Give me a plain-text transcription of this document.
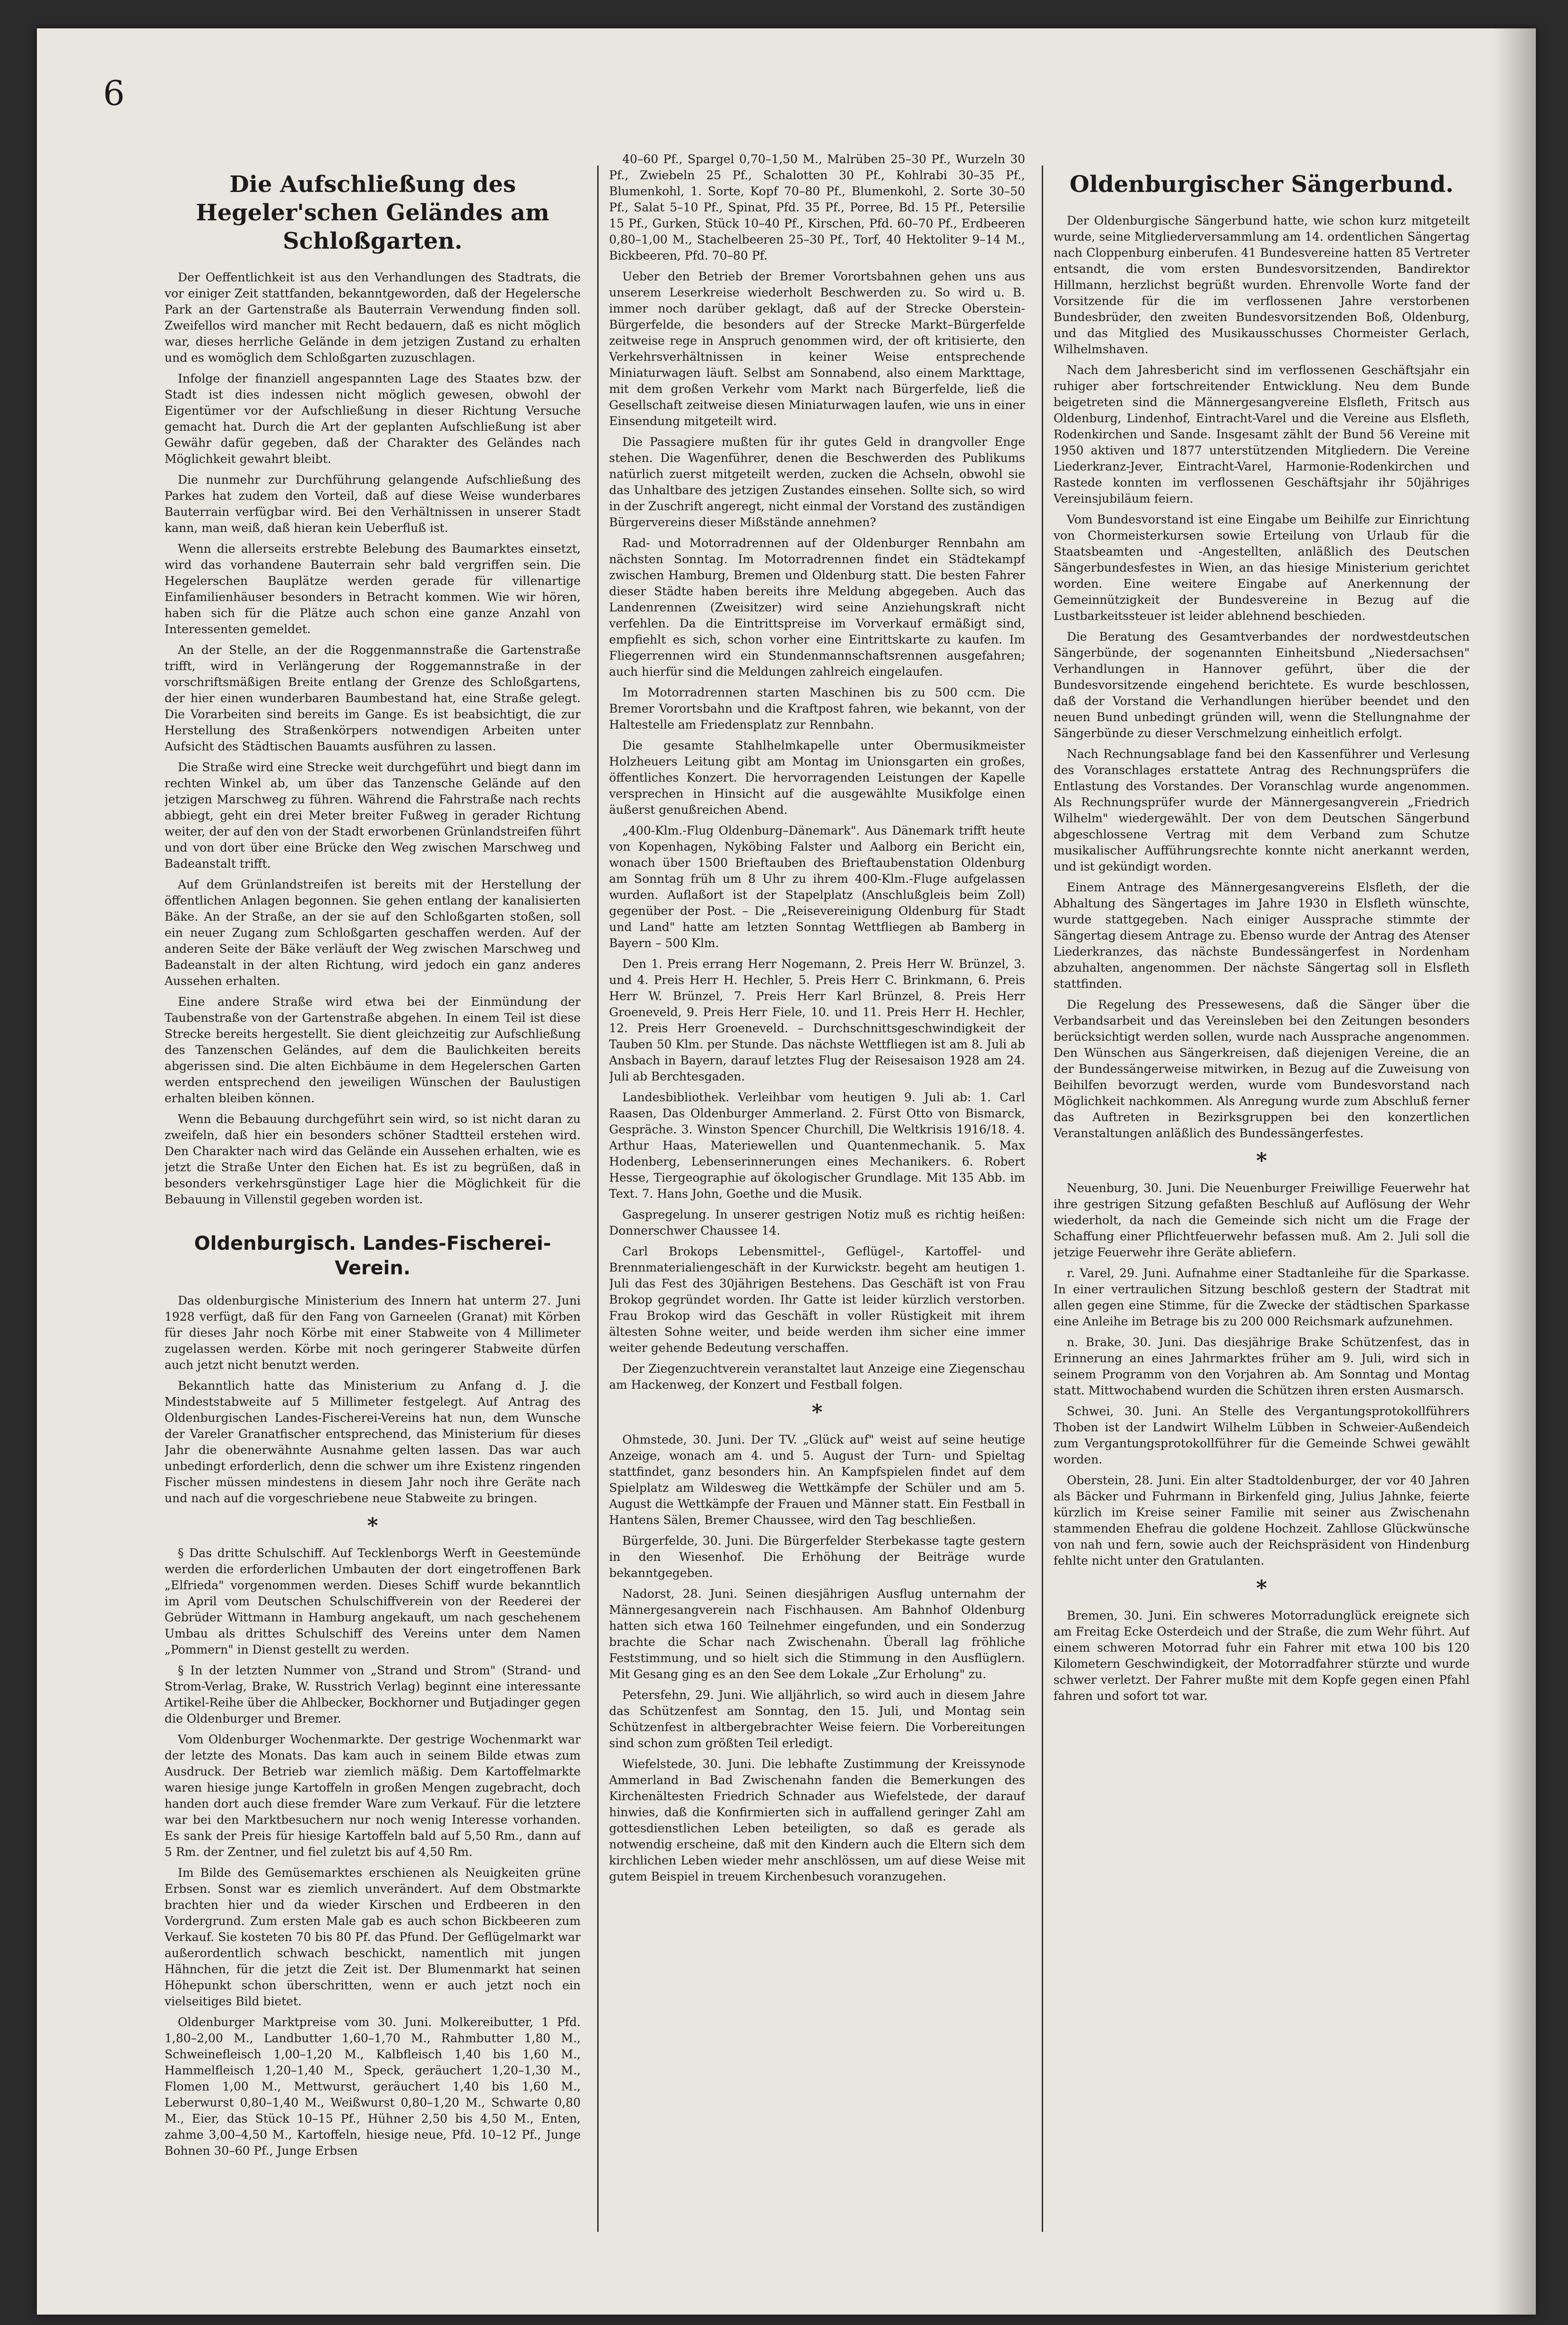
6
Die Aufschließung des Hegeler'schen Geländes am Schloßgarten.
Der Oeffentlichkeit ist aus den Verhandlungen des Stadtrats, die vor einiger Zeit stattfanden, bekanntgeworden, daß der Hegelersche Park an der Gartenstraße als Bauterrain Verwendung finden soll. Zweifellos wird mancher mit Recht bedauern, daß es nicht möglich war, dieses herrliche Gelände in dem jetzigen Zustand zu erhalten und es womöglich dem Schloßgarten zuzuschlagen.
Infolge der finanziell angespannten Lage des Staates bzw. der Stadt ist dies indessen nicht möglich gewesen, obwohl der Eigentümer vor der Aufschließung in dieser Richtung Versuche gemacht hat. Durch die Art der geplanten Aufschließung ist aber Gewähr dafür gegeben, daß der Charakter des Geländes nach Möglichkeit gewahrt bleibt.
Die nunmehr zur Durchführung gelangende Aufschließung des Parkes hat zudem den Vorteil, daß auf diese Weise wunderbares Bauterrain verfügbar wird. Bei den Verhältnissen in unserer Stadt kann, man weiß, daß hieran kein Ueberfluß ist.
Wenn die allerseits erstrebte Belebung des Baumarktes einsetzt, wird das vorhandene Bauterrain sehr bald vergriffen sein. Die Hegelerschen Bauplätze werden gerade für villenartige Einfamilienhäuser besonders in Betracht kommen. Wie wir hören, haben sich für die Plätze auch schon eine ganze Anzahl von Interessenten gemeldet.
An der Stelle, an der die Roggenmannstraße die Gartenstraße trifft, wird in Verlängerung der Roggemannstraße in der vorschriftsmäßigen Breite entlang der Grenze des Schloßgartens, der hier einen wunderbaren Baumbestand hat, eine Straße gelegt. Die Vorarbeiten sind bereits im Gange. Es ist beabsichtigt, die zur Herstellung des Straßenkörpers notwendigen Arbeiten unter Aufsicht des Städtischen Bauamts ausführen zu lassen.
Die Straße wird eine Strecke weit durchgeführt und biegt dann im rechten Winkel ab, um über das Tanzensche Gelände auf den jetzigen Marschweg zu führen. Während die Fahrstraße nach rechts abbiegt, geht ein drei Meter breiter Fußweg in gerader Richtung weiter, der auf den von der Stadt erworbenen Grünlandstreifen führt und von dort über eine Brücke den Weg zwischen Marschweg und Badeanstalt trifft.
Auf dem Grünlandstreifen ist bereits mit der Herstellung der öffentlichen Anlagen begonnen. Sie gehen entlang der kanalisierten Bäke. An der Straße, an der sie auf den Schloßgarten stoßen, soll ein neuer Zugang zum Schloßgarten geschaffen werden. Auf der anderen Seite der Bäke verläuft der Weg zwischen Marschweg und Badeanstalt in der alten Richtung, wird jedoch ein ganz anderes Aussehen erhalten.
Eine andere Straße wird etwa bei der Einmündung der Taubenstraße von der Gartenstraße abgehen. In einem Teil ist diese Strecke bereits hergestellt. Sie dient gleichzeitig zur Aufschließung des Tanzenschen Geländes, auf dem die Baulichkeiten bereits abgerissen sind. Die alten Eichbäume in dem Hegelerschen Garten werden entsprechend den jeweiligen Wünschen der Baulustigen erhalten bleiben können.
Wenn die Bebauung durchgeführt sein wird, so ist nicht daran zu zweifeln, daß hier ein besonders schöner Stadtteil erstehen wird. Den Charakter nach wird das Gelände ein Aussehen erhalten, wie es jetzt die Straße Unter den Eichen hat. Es ist zu begrüßen, daß in besonders verkehrsgünstiger Lage hier die Möglichkeit für die Bebauung in Villenstil gegeben worden ist.
Oldenburgisch. Landes-Fischerei-Verein.
Das oldenburgische Ministerium des Innern hat unterm 27. Juni 1928 verfügt, daß für den Fang von Garneelen (Granat) mit Körben für dieses Jahr noch Körbe mit einer Stabweite von 4 Millimeter zugelassen werden. Körbe mit noch geringerer Stabweite dürfen auch jetzt nicht benutzt werden.
Bekanntlich hatte das Ministerium zu Anfang d. J. die Mindeststabweite auf 5 Millimeter festgelegt. Auf Antrag des Oldenburgischen Landes-Fischerei-Vereins hat nun, dem Wunsche der Vareler Granatfischer entsprechend, das Ministerium für dieses Jahr die obenerwähnte Ausnahme gelten lassen. Das war auch unbedingt erforderlich, denn die schwer um ihre Existenz ringenden Fischer müssen mindestens in diesem Jahr noch ihre Geräte nach und nach auf die vorgeschriebene neue Stabweite zu bringen.
*
§ Das dritte Schulschiff. Auf Tecklenborgs Werft in Geestemünde werden die erforderlichen Umbauten der dort eingetroffenen Bark „Elfrieda" vorgenommen werden. Dieses Schiff wurde bekanntlich im April vom Deutschen Schulschiffverein von der Reederei der Gebrüder Wittmann in Hamburg angekauft, um nach geschehenem Umbau als drittes Schulschiff des Vereins unter dem Namen „Pommern" in Dienst gestellt zu werden.
§ In der letzten Nummer von „Strand und Strom" (Strand- und Strom-Verlag, Brake, W. Russtrich Verlag) beginnt eine interessante Artikel-Reihe über die Ahlbecker, Bockhorner und Butjadinger gegen die Oldenburger und Bremer.
Vom Oldenburger Wochenmarkte. Der gestrige Wochenmarkt war der letzte des Monats. Das kam auch in seinem Bilde etwas zum Ausdruck. Der Betrieb war ziemlich mäßig. Dem Kartoffelmarkte waren hiesige junge Kartoffeln in großen Mengen zugebracht, doch handen dort auch diese fremder Ware zum Verkauf. Für die letztere war bei den Marktbesuchern nur noch wenig Interesse vorhanden. Es sank der Preis für hiesige Kartoffeln bald auf 5,50 Rm., dann auf 5 Rm. der Zentner, und fiel zuletzt bis auf 4,50 Rm.
Im Bilde des Gemüsemarktes erschienen als Neuigkeiten grüne Erbsen. Sonst war es ziemlich unverändert. Auf dem Obstmarkte brachten hier und da wieder Kirschen und Erdbeeren in den Vordergrund. Zum ersten Male gab es auch schon Bickbeeren zum Verkauf. Sie kosteten 70 bis 80 Pf. das Pfund. Der Geflügelmarkt war außerordentlich schwach beschickt, namentlich mit jungen Hähnchen, für die jetzt die Zeit ist. Der Blumenmarkt hat seinen Höhepunkt schon überschritten, wenn er auch jetzt noch ein vielseitiges Bild bietet.
Oldenburger Marktpreise vom 30. Juni. Molkereibutter, 1 Pfd. 1,80–2,00 M., Landbutter 1,60–1,70 M., Rahmbutter 1,80 M., Schweinefleisch 1,00–1,20 M., Kalbfleisch 1,40 bis 1,60 M., Hammelfleisch 1,20–1,40 M., Speck, geräuchert 1,20–1,30 M., Flomen 1,00 M., Mettwurst, geräuchert 1,40 bis 1,60 M., Leberwurst 0,80–1,40 M., Weißwurst 0,80–1,20 M., Schwarte 0,80 M., Eier, das Stück 10–15 Pf., Hühner 2,50 bis 4,50 M., Enten, zahme 3,00–4,50 M., Kartoffeln, hiesige neue, Pfd. 10–12 Pf., Junge Bohnen 30–60 Pf., Junge Erbsen
40–60 Pf., Spargel 0,70–1,50 M., Malrüben 25–30 Pf., Wurzeln 30 Pf., Zwiebeln 25 Pf., Schalotten 30 Pf., Kohlrabi 30–35 Pf., Blumenkohl, 1. Sorte, Kopf 70–80 Pf., Blumenkohl, 2. Sorte 30–50 Pf., Salat 5–10 Pf., Spinat, Pfd. 35 Pf., Porree, Bd. 15 Pf., Petersilie 15 Pf., Gurken, Stück 10–40 Pf., Kirschen, Pfd. 60–70 Pf., Erdbeeren 0,80–1,00 M., Stachelbeeren 25–30 Pf., Torf, 40 Hektoliter 9–14 M., Bickbeeren, Pfd. 70–80 Pf.
Ueber den Betrieb der Bremer Vorortsbahnen gehen uns aus unserem Leserkreise wiederholt Beschwerden zu. So wird u. B. immer noch darüber geklagt, daß auf der Strecke Oberstein-Bürgerfelde, die besonders auf der Strecke Markt–Bürgerfelde zeitweise rege in Anspruch genommen wird, der oft kritisierte, den Verkehrsverhältnissen in keiner Weise entsprechende Miniaturwagen läuft. Selbst am Sonnabend, also einem Markttage, mit dem großen Verkehr vom Markt nach Bürgerfelde, ließ die Gesellschaft zeitweise diesen Miniaturwagen laufen, wie uns in einer Einsendung mitgeteilt wird.
Die Passagiere mußten für ihr gutes Geld in drangvoller Enge stehen. Die Wagenführer, denen die Beschwerden des Publikums natürlich zuerst mitgeteilt werden, zucken die Achseln, obwohl sie das Unhaltbare des jetzigen Zustandes einsehen. Sollte sich, so wird in der Zuschrift angeregt, nicht einmal der Vorstand des zuständigen Bürgervereins dieser Mißstände annehmen?
Rad- und Motorradrennen auf der Oldenburger Rennbahn am nächsten Sonntag. Im Motorradrennen findet ein Städtekampf zwischen Hamburg, Bremen und Oldenburg statt. Die besten Fahrer dieser Städte haben bereits ihre Meldung abgegeben. Auch das Landenrennen (Zweisitzer) wird seine Anziehungskraft nicht verfehlen. Da die Eintrittspreise im Vorverkauf ermäßigt sind, empfiehlt es sich, schon vorher eine Eintrittskarte zu kaufen. Im Fliegerrennen wird ein Stundenmannschaftsrennen ausgefahren; auch hierfür sind die Meldungen zahlreich eingelaufen.
Im Motorradrennen starten Maschinen bis zu 500 ccm. Die Bremer Vorortsbahn und die Kraftpost fahren, wie bekannt, von der Haltestelle am Friedensplatz zur Rennbahn.
Die gesamte Stahlhelmkapelle unter Obermusikmeister Holzheuers Leitung gibt am Montag im Unionsgarten ein großes, öffentliches Konzert. Die hervorragenden Leistungen der Kapelle versprechen in Hinsicht auf die ausgewählte Musikfolge einen äußerst genußreichen Abend.
„400-Klm.-Flug Oldenburg–Dänemark". Aus Dänemark trifft heute von Kopenhagen, Nyköbing Falster und Aalborg ein Bericht ein, wonach über 1500 Brieftauben des Brieftaubenstation Oldenburg am Sonntag früh um 8 Uhr zu ihrem 400-Klm.-Fluge aufgelassen wurden. Auflaßort ist der Stapelplatz (Anschlußgleis beim Zoll) gegenüber der Post. – Die „Reisevereinigung Oldenburg für Stadt und Land" hatte am letzten Sonntag Wettfliegen ab Bamberg in Bayern – 500 Klm.
Den 1. Preis errang Herr Nogemann, 2. Preis Herr W. Brünzel, 3. und 4. Preis Herr H. Hechler, 5. Preis Herr C. Brinkmann, 6. Preis Herr W. Brünzel, 7. Preis Herr Karl Brünzel, 8. Preis Herr Groeneveld, 9. Preis Herr Fiele, 10. und 11. Preis Herr H. Hechler, 12. Preis Herr Groeneveld. – Durchschnittsgeschwindigkeit der Tauben 50 Klm. per Stunde. Das nächste Wettfliegen ist am 8. Juli ab Ansbach in Bayern, darauf letztes Flug der Reisesaison 1928 am 24. Juli ab Berchtesgaden.
Landesbibliothek. Verleihbar vom heutigen 9. Juli ab: 1. Carl Raasen, Das Oldenburger Ammerland. 2. Fürst Otto von Bismarck, Gespräche. 3. Winston Spencer Churchill, Die Weltkrisis 1916/18. 4. Arthur Haas, Materiewellen und Quantenmechanik. 5. Max Hodenberg, Lebenserinnerungen eines Mechanikers. 6. Robert Hesse, Tiergeographie auf ökologischer Grundlage. Mit 135 Abb. im Text. 7. Hans John, Goethe und die Musik.
Gaspregelung. In unserer gestrigen Notiz muß es richtig heißen: Donnerschwer Chaussee 14.
Carl Brokops Lebensmittel-, Geflügel-, Kartoffel- und Brennmaterialiengeschäft in der Kurwickstr. begeht am heutigen 1. Juli das Fest des 30jährigen Bestehens. Das Geschäft ist von Frau Brokop gegründet worden. Ihr Gatte ist leider kürzlich verstorben. Frau Brokop wird das Geschäft in voller Rüstigkeit mit ihrem ältesten Sohne weiter, und beide werden ihm sicher eine immer weiter gehende Bedeutung verschaffen.
Der Ziegenzuchtverein veranstaltet laut Anzeige eine Ziegenschau am Hackenweg, der Konzert und Festball folgen.
*
Ohmstede, 30. Juni. Der TV. „Glück auf" weist auf seine heutige Anzeige, wonach am 4. und 5. August der Turn- und Spieltag stattfindet, ganz besonders hin. An Kampfspielen findet auf dem Spielplatz am Wildesweg die Wettkämpfe der Schüler und am 5. August die Wettkämpfe der Frauen und Männer statt. Ein Festball in Hantens Sälen, Bremer Chaussee, wird den Tag beschließen.
Bürgerfelde, 30. Juni. Die Bürgerfelder Sterbekasse tagte gestern in den Wiesenhof. Die Erhöhung der Beiträge wurde bekanntgegeben.
Nadorst, 28. Juni. Seinen diesjährigen Ausflug unternahm der Männergesangverein nach Fischhausen. Am Bahnhof Oldenburg hatten sich etwa 160 Teilnehmer eingefunden, und ein Sonderzug brachte die Schar nach Zwischenahn. Überall lag fröhliche Feststimmung, und so hielt sich die Stimmung in den Ausflüglern. Mit Gesang ging es an den See dem Lokale „Zur Erholung" zu.
Petersfehn, 29. Juni. Wie alljährlich, so wird auch in diesem Jahre das Schützenfest am Sonntag, den 15. Juli, und Montag sein Schützenfest in altbergebrachter Weise feiern. Die Vorbereitungen sind schon zum größten Teil erledigt.
Wiefelstede, 30. Juni. Die lebhafte Zustimmung der Kreissynode Ammerland in Bad Zwischenahn fanden die Bemerkungen des Kirchenältesten Friedrich Schnader aus Wiefelstede, der darauf hinwies, daß die Konfirmierten sich in auffallend geringer Zahl am gottesdienstlichen Leben beteiligten, so daß es gerade als notwendig erscheine, daß mit den Kindern auch die Eltern sich dem kirchlichen Leben wieder mehr anschlössen, um auf diese Weise mit gutem Beispiel in treuem Kirchenbesuch voranzugehen.
Oldenburgischer Sängerbund.
Der Oldenburgische Sängerbund hatte, wie schon kurz mitgeteilt wurde, seine Mitgliederversammlung am 14. ordentlichen Sängertag nach Cloppenburg einberufen. 41 Bundesvereine hatten 85 Vertreter entsandt, die vom ersten Bundesvorsitzenden, Bandirektor Hillmann, herzlichst begrüßt wurden. Ehrenvolle Worte fand der Vorsitzende für die im verflossenen Jahre verstorbenen Bundesbrüder, den zweiten Bundesvorsitzenden Boß, Oldenburg, und das Mitglied des Musikausschusses Chormeister Gerlach, Wilhelmshaven.
Nach dem Jahresbericht sind im verflossenen Geschäftsjahr ein ruhiger aber fortschreitender Entwicklung. Neu dem Bunde beigetreten sind die Männergesangvereine Elsfleth, Fritsch aus Oldenburg, Lindenhof, Eintracht-Varel und die Vereine aus Elsfleth, Rodenkirchen und Sande. Insgesamt zählt der Bund 56 Vereine mit 1950 aktiven und 1877 unterstützenden Mitgliedern. Die Vereine Liederkranz-Jever, Eintracht-Varel, Harmonie-Rodenkirchen und Rastede konnten im verflossenen Geschäftsjahr ihr 50jähriges Vereinsjubiläum feiern.
Vom Bundesvorstand ist eine Eingabe um Beihilfe zur Einrichtung von Chormeisterkursen sowie Erteilung von Urlaub für die Staatsbeamten und -Angestellten, anläßlich des Deutschen Sängerbundesfestes in Wien, an das hiesige Ministerium gerichtet worden. Eine weitere Eingabe auf Anerkennung der Gemeinnützigkeit der Bundesvereine in Bezug auf die Lustbarkeitssteuer ist leider ablehnend beschieden.
Die Beratung des Gesamtverbandes der nordwestdeutschen Sängerbünde, der sogenannten Einheitsbund „Niedersachsen" Verhandlungen in Hannover geführt, über die der Bundesvorsitzende eingehend berichtete. Es wurde beschlossen, daß der Vorstand die Verhandlungen hierüber beendet und den neuen Bund unbedingt gründen will, wenn die Stellungnahme der Sängerbünde zu dieser Verschmelzung einheitlich erfolgt.
Nach Rechnungsablage fand bei den Kassenführer und Verlesung des Voranschlages erstattete Antrag des Rechnungsprüfers die Entlastung des Vorstandes. Der Voranschlag wurde angenommen. Als Rechnungsprüfer wurde der Männergesangverein „Friedrich Wilhelm" wiedergewählt. Der von dem Deutschen Sängerbund abgeschlossene Vertrag mit dem Verband zum Schutze musikalischer Aufführungsrechte konnte nicht anerkannt werden, und ist gekündigt worden.
Einem Antrage des Männergesangvereins Elsfleth, der die Abhaltung des Sängertages im Jahre 1930 in Elsfleth wünschte, wurde stattgegeben. Nach einiger Aussprache stimmte der Sängertag diesem Antrage zu. Ebenso wurde der Antrag des Atenser Liederkranzes, das nächste Bundessängerfest in Nordenham abzuhalten, angenommen. Der nächste Sängertag soll in Elsfleth stattfinden.
Die Regelung des Pressewesens, daß die Sänger über die Verbandsarbeit und das Vereinsleben bei den Zeitungen besonders berücksichtigt werden sollen, wurde nach Aussprache angenommen. Den Wünschen aus Sängerkreisen, daß diejenigen Vereine, die an der Bundessängerweise mitwirken, in Bezug auf die Zuweisung von Beihilfen bevorzugt werden, wurde vom Bundesvorstand nach Möglichkeit nachkommen. Als Anregung wurde zum Abschluß ferner das Auftreten in Bezirksgruppen bei den konzertlichen Veranstaltungen anläßlich des Bundessängerfestes.
*
Neuenburg, 30. Juni. Die Neuenburger Freiwillige Feuerwehr hat ihre gestrigen Sitzung gefaßten Beschluß auf Auflösung der Wehr wiederholt, da nach die Gemeinde sich nicht um die Frage der Schaffung einer Pflichtfeuerwehr befassen muß. Am 2. Juli soll die jetzige Feuerwehr ihre Geräte abliefern.
r. Varel, 29. Juni. Aufnahme einer Stadtanleihe für die Sparkasse. In einer vertraulichen Sitzung beschloß gestern der Stadtrat mit allen gegen eine Stimme, für die Zwecke der städtischen Sparkasse eine Anleihe im Betrage bis zu 200 000 Reichsmark aufzunehmen.
n. Brake, 30. Juni. Das diesjährige Brake Schützenfest, das in Erinnerung an eines Jahrmarktes früher am 9. Juli, wird sich in seinem Programm von den Vorjahren ab. Am Sonntag und Montag statt. Mittwochabend wurden die Schützen ihren ersten Ausmarsch.
Schwei, 30. Juni. An Stelle des Vergantungsprotokollführers Thoben ist der Landwirt Wilhelm Lübben in Schweier-Außendeich zum Vergantungsprotokollführer für die Gemeinde Schwei gewählt worden.
Oberstein, 28. Juni. Ein alter Stadtoldenburger, der vor 40 Jahren als Bäcker und Fuhrmann in Birkenfeld ging, Julius Jahnke, feierte kürzlich im Kreise seiner Familie mit seiner aus Zwischenahn stammenden Ehefrau die goldene Hochzeit. Zahllose Glückwünsche von nah und fern, sowie auch der Reichspräsident von Hindenburg fehlte nicht unter den Gratulanten.
*
Bremen, 30. Juni. Ein schweres Motorradunglück ereignete sich am Freitag Ecke Osterdeich und der Straße, die zum Wehr führt. Auf einem schweren Motorrad fuhr ein Fahrer mit etwa 100 bis 120 Kilometern Geschwindigkeit, der Motorradfahrer stürzte und wurde schwer verletzt. Der Fahrer mußte mit dem Kopfe gegen einen Pfahl fahren und sofort tot war.
